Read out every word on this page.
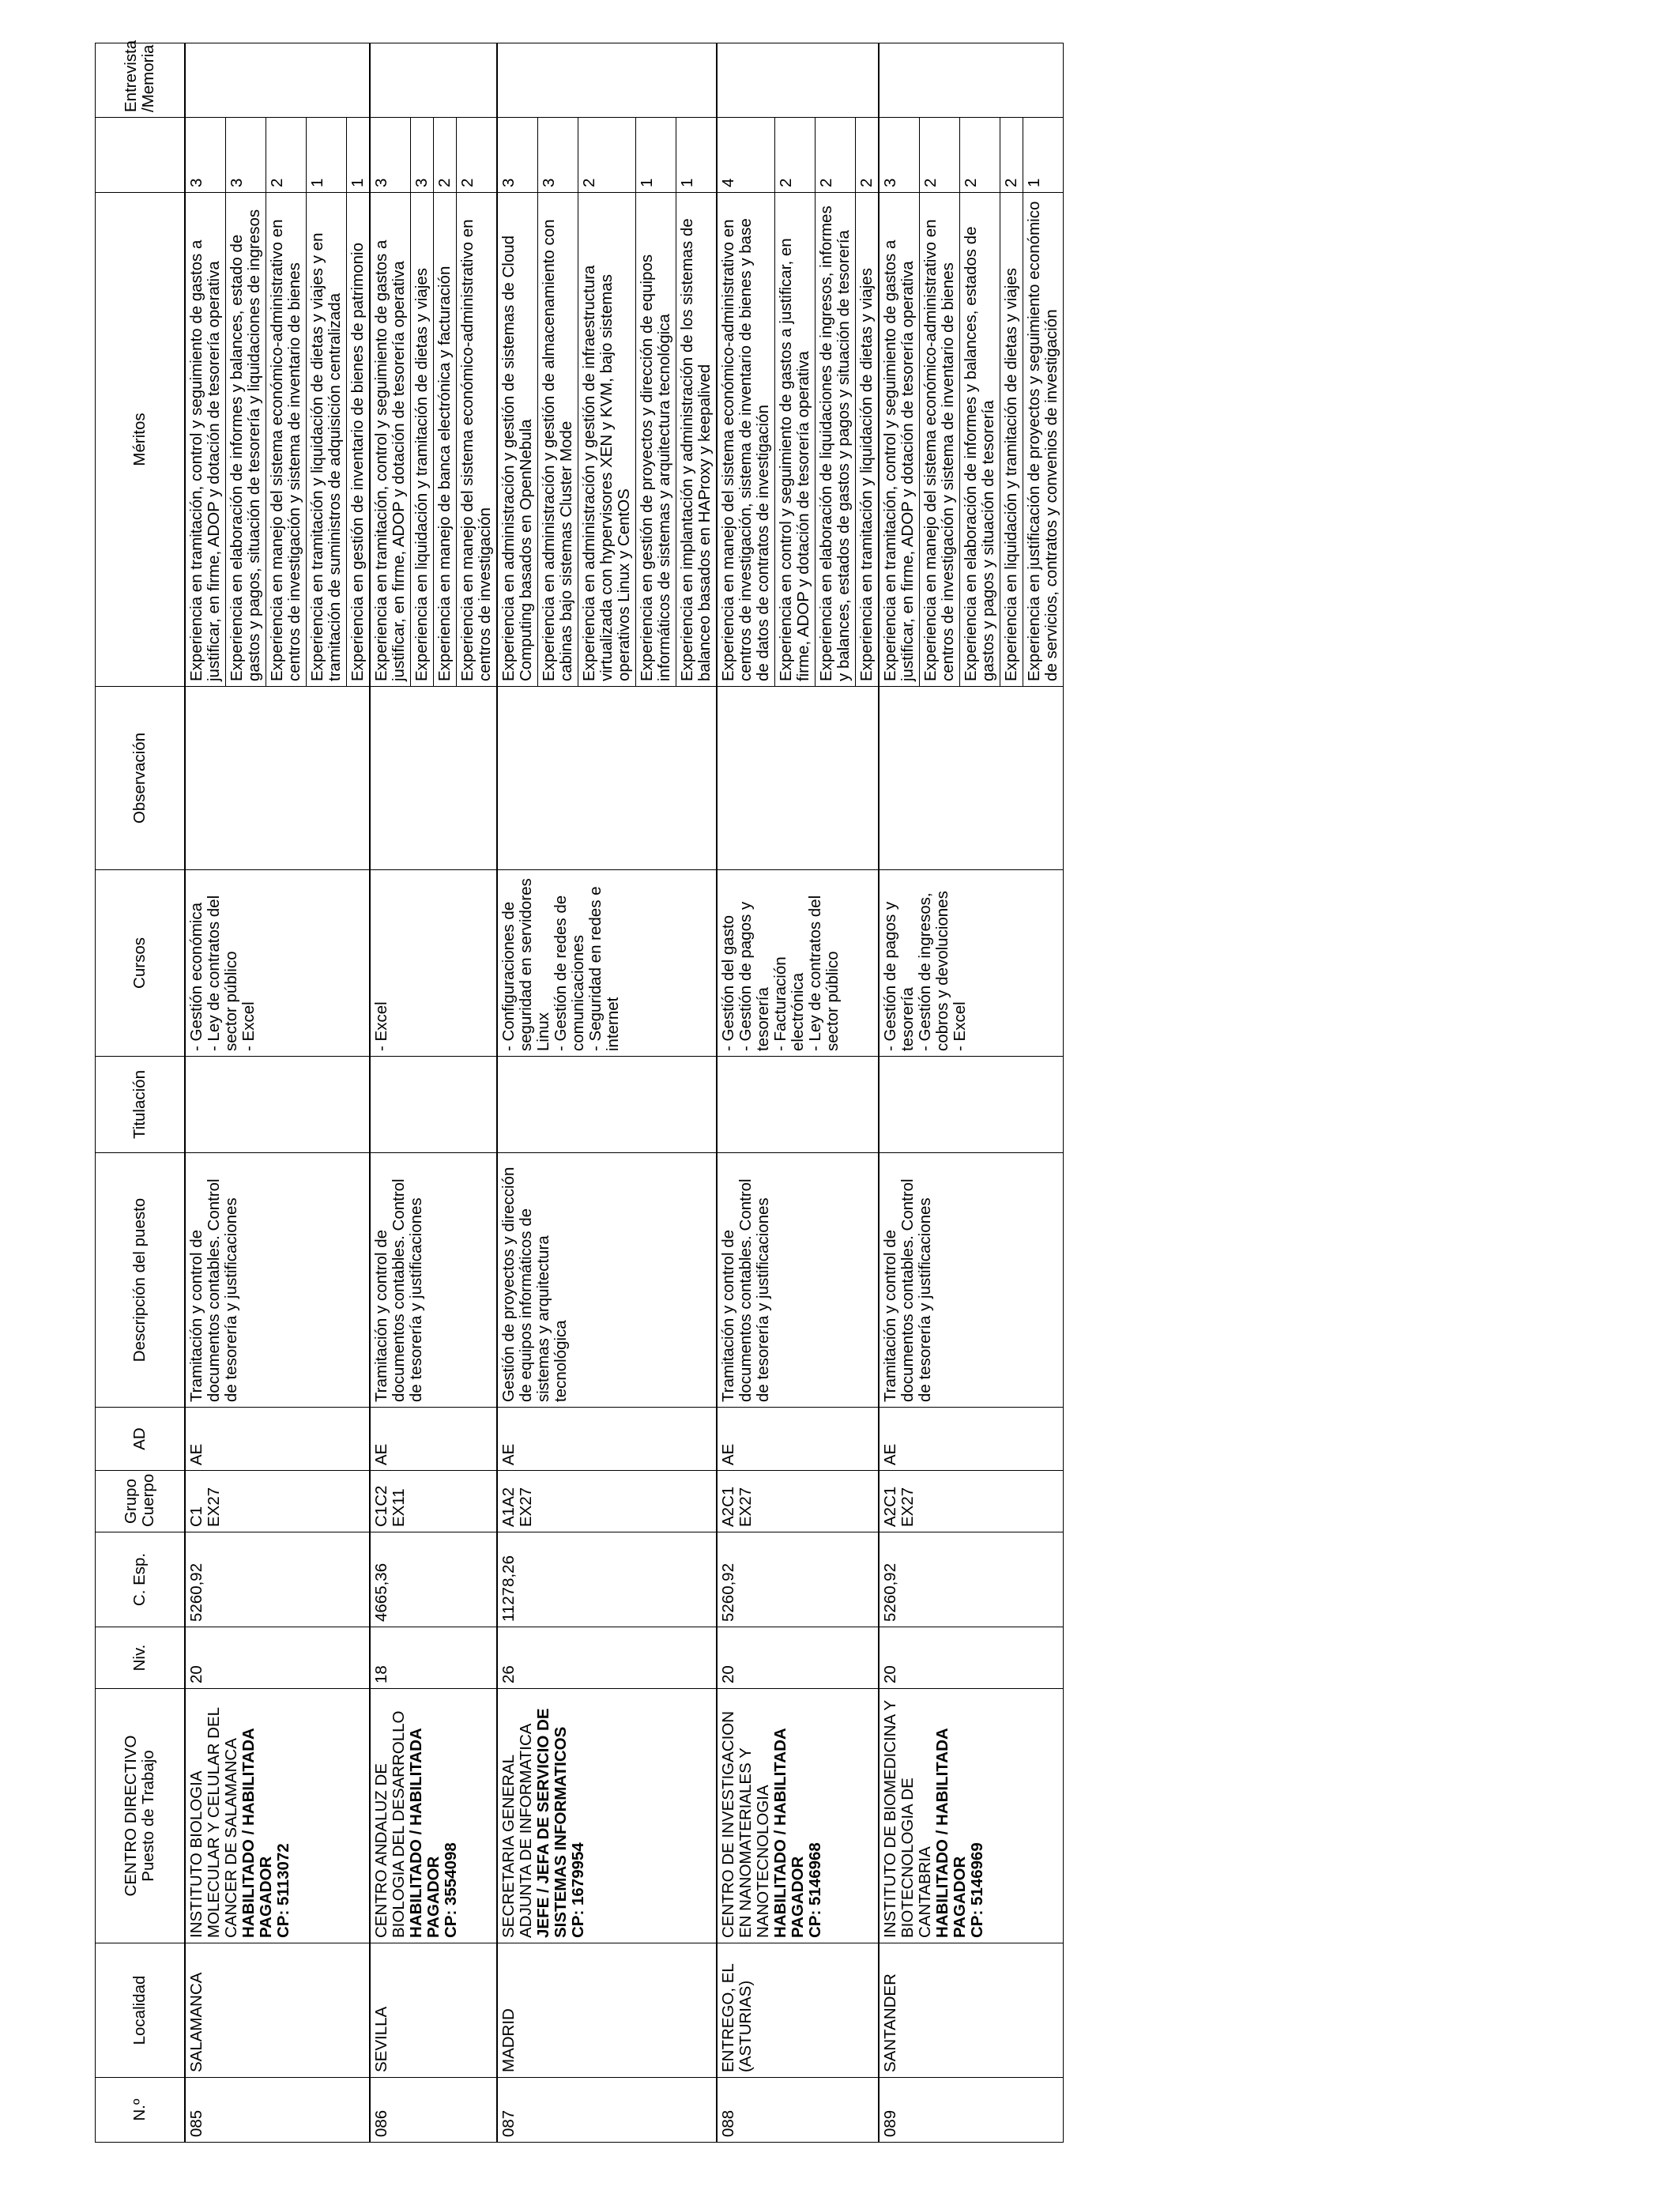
N.º	Localidad	CENTRO DIRECTIVO Puesto de Trabajo	Niv.	C. Esp.	Grupo Cuerpo	AD	Descripción del puesto	Titulación	Cursos	Observación	Méritos		Entrevista /Memoria

085	SALAMANCA	INSTITUTO BIOLOGIA MOLECULAR Y CELULAR DEL CANCER DE SALAMANCA HABILITADO / HABILITADA PAGADOR CP: 5113072	20	5260,92	C1 EX27	AE	Tramitación y control de documentos contables. Control de tesorería y justificaciones		- Gestión económica - Ley de contratos del sector público - Excel		Experiencia en tramitación, control y seguimiento de gastos a justificar, en firme, ADOP y dotación de tesorería operativa	3	
											Experiencia en elaboración de informes y balances, estado de gastos y pagos, situación de tesorería y liquidaciones de ingresos	3	
											Experiencia en manejo del sistema económico-administrativo en centros de investigación y sistema de inventario de bienes	2	
											Experiencia en tramitación y liquidación de dietas y viajes y en tramitación de suministros de adquisición centralizada	1	
											Experiencia en gestión de inventario de bienes de patrimonio	1	
086	SEVILLA	CENTRO ANDALUZ DE BIOLOGIA DEL DESARROLLO HABILITADO / HABILITADA PAGADOR CP: 3554098	18	4665,36	C1C2 EX11	AE	Tramitación y control de documentos contables. Control de tesorería y justificaciones		- Excel		Experiencia en tramitación, control y seguimiento de gastos a justificar, en firme, ADOP y dotación de tesorería operativa	3	
											Experiencia en liquidación y tramitación de dietas y viajes	3	
											Experiencia en manejo de banca electrónica y facturación	2	
											Experiencia en manejo del sistema económico-administrativo en centros de investigación	2	
087	MADRID	SECRETARIA GENERAL ADJUNTA DE INFORMATICA JEFE / JEFA DE SERVICIO DE SISTEMAS INFORMATICOS CP: 1679954	26	11278,26	A1A2 EX27	AE	Gestión de proyectos y dirección de equipos informáticos de sistemas y arquitectura tecnológica		- Configuraciones de seguridad en servidores Linux - Gestión de redes de comunicaciones - Seguridad en redes e internet		Experiencia en administración y gestión de sistemas de Cloud Computing basados en OpenNebula	3	
											Experiencia en administración y gestión de almacenamiento con cabinas bajo sistemas Cluster Mode	3	
											Experiencia en administración y gestión de infraestructura virtualizada con hypervisores XEN y KVM, bajo sistemas operativos Linux y CentOS	2	
											Experiencia en gestión de proyectos y dirección de equipos informáticos de sistemas y arquitectura tecnológica	1	
											Experiencia en implantación y administración de los sistemas de balanceo basados en HAProxy y keepalived	1	
088	ENTREGO, EL (ASTURIAS)	CENTRO DE INVESTIGACION EN NANOMATERIALES Y NANOTECNOLOGIA HABILITADO / HABILITADA PAGADOR CP: 5146968	20	5260,92	A2C1 EX27	AE	Tramitación y control de documentos contables. Control de tesorería y justificaciones		- Gestión del gasto - Gestión de pagos y tesorería - Facturación electrónica - Ley de contratos del sector público		Experiencia en manejo del sistema económico-administrativo en centros de investigación, sistema de inventario de bienes y base de datos de contratos de investigación	4	
											Experiencia en control y seguimiento de gastos a justificar, en firme, ADOP y dotación de tesorería operativa	2	
											Experiencia en elaboración de liquidaciones de ingresos, informes y balances, estados de gastos y pagos y situación de tesorería	2	
											Experiencia en tramitación y liquidación de dietas y viajes	2	
089	SANTANDER	INSTITUTO DE BIOMEDICINA Y BIOTECNOLOGIA DE CANTABRIA HABILITADO / HABILITADA PAGADOR CP: 5146969	20	5260,92	A2C1 EX27	AE	Tramitación y control de documentos contables. Control de tesorería y justificaciones		- Gestión de pagos y tesorería - Gestión de ingresos, cobros y devoluciones - Excel		Experiencia en tramitación, control y seguimiento de gastos a justificar, en firme, ADOP y dotación de tesorería operativa	3	
											Experiencia en manejo del sistema económico-administrativo en centros de investigación y sistema de inventario de bienes	2	
											Experiencia en elaboración de informes y balances, estados de gastos y pagos y situación de tesorería	2	
											Experiencia en liquidación y tramitación de dietas y viajes	2	
											Experiencia en justificación de proyectos y seguimiento económico de servicios, contratos y convenios de investigación	1	
